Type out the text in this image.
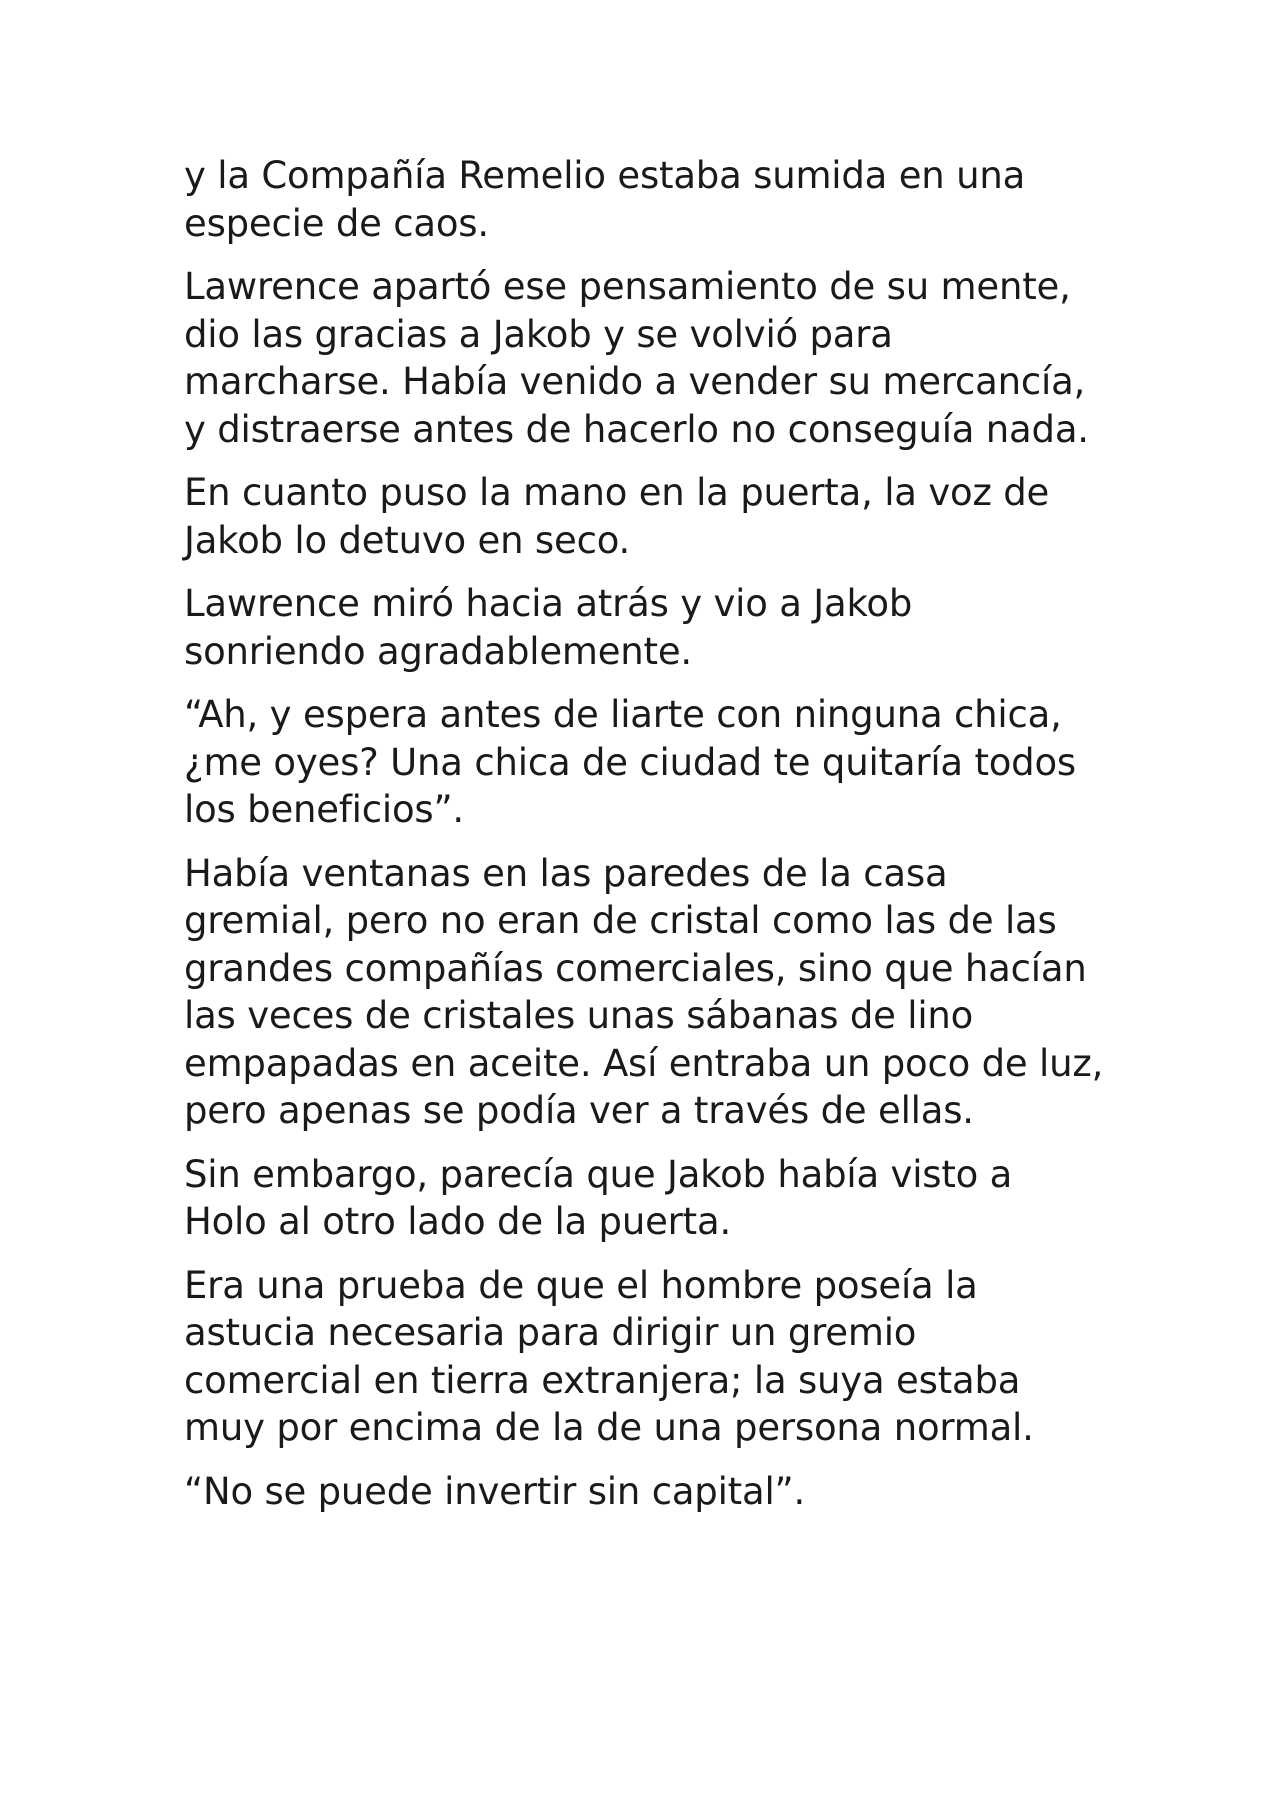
y la Compañía Remelio estaba sumida en una especie de caos.

Lawrence apartó ese pensamiento de su mente, dio las gracias a Jakob y se volvió para marcharse. Había venido a vender su mercancía, y distraerse antes de hacerlo no conseguía nada.

En cuanto puso la mano en la puerta, la voz de Jakob lo detuvo en seco.

Lawrence miró hacia atrás y vio a Jakob sonriendo agradablemente.

“Ah, y espera antes de liarte con ninguna chica, ¿me oyes? Una chica de ciudad te quitaría todos los beneficios”.

Había ventanas en las paredes de la casa gremial, pero no eran de cristal como las de las grandes compañías comerciales, sino que hacían las veces de cristales unas sábanas de lino empapadas en aceite. Así entraba un poco de luz, pero apenas se podía ver a través de ellas.

Sin embargo, parecía que Jakob había visto a Holo al otro lado de la puerta.

Era una prueba de que el hombre poseía la astucia necesaria para dirigir un gremio comercial en tierra extranjera; la suya estaba muy por encima de la de una persona normal.

“No se puede invertir sin capital”.
